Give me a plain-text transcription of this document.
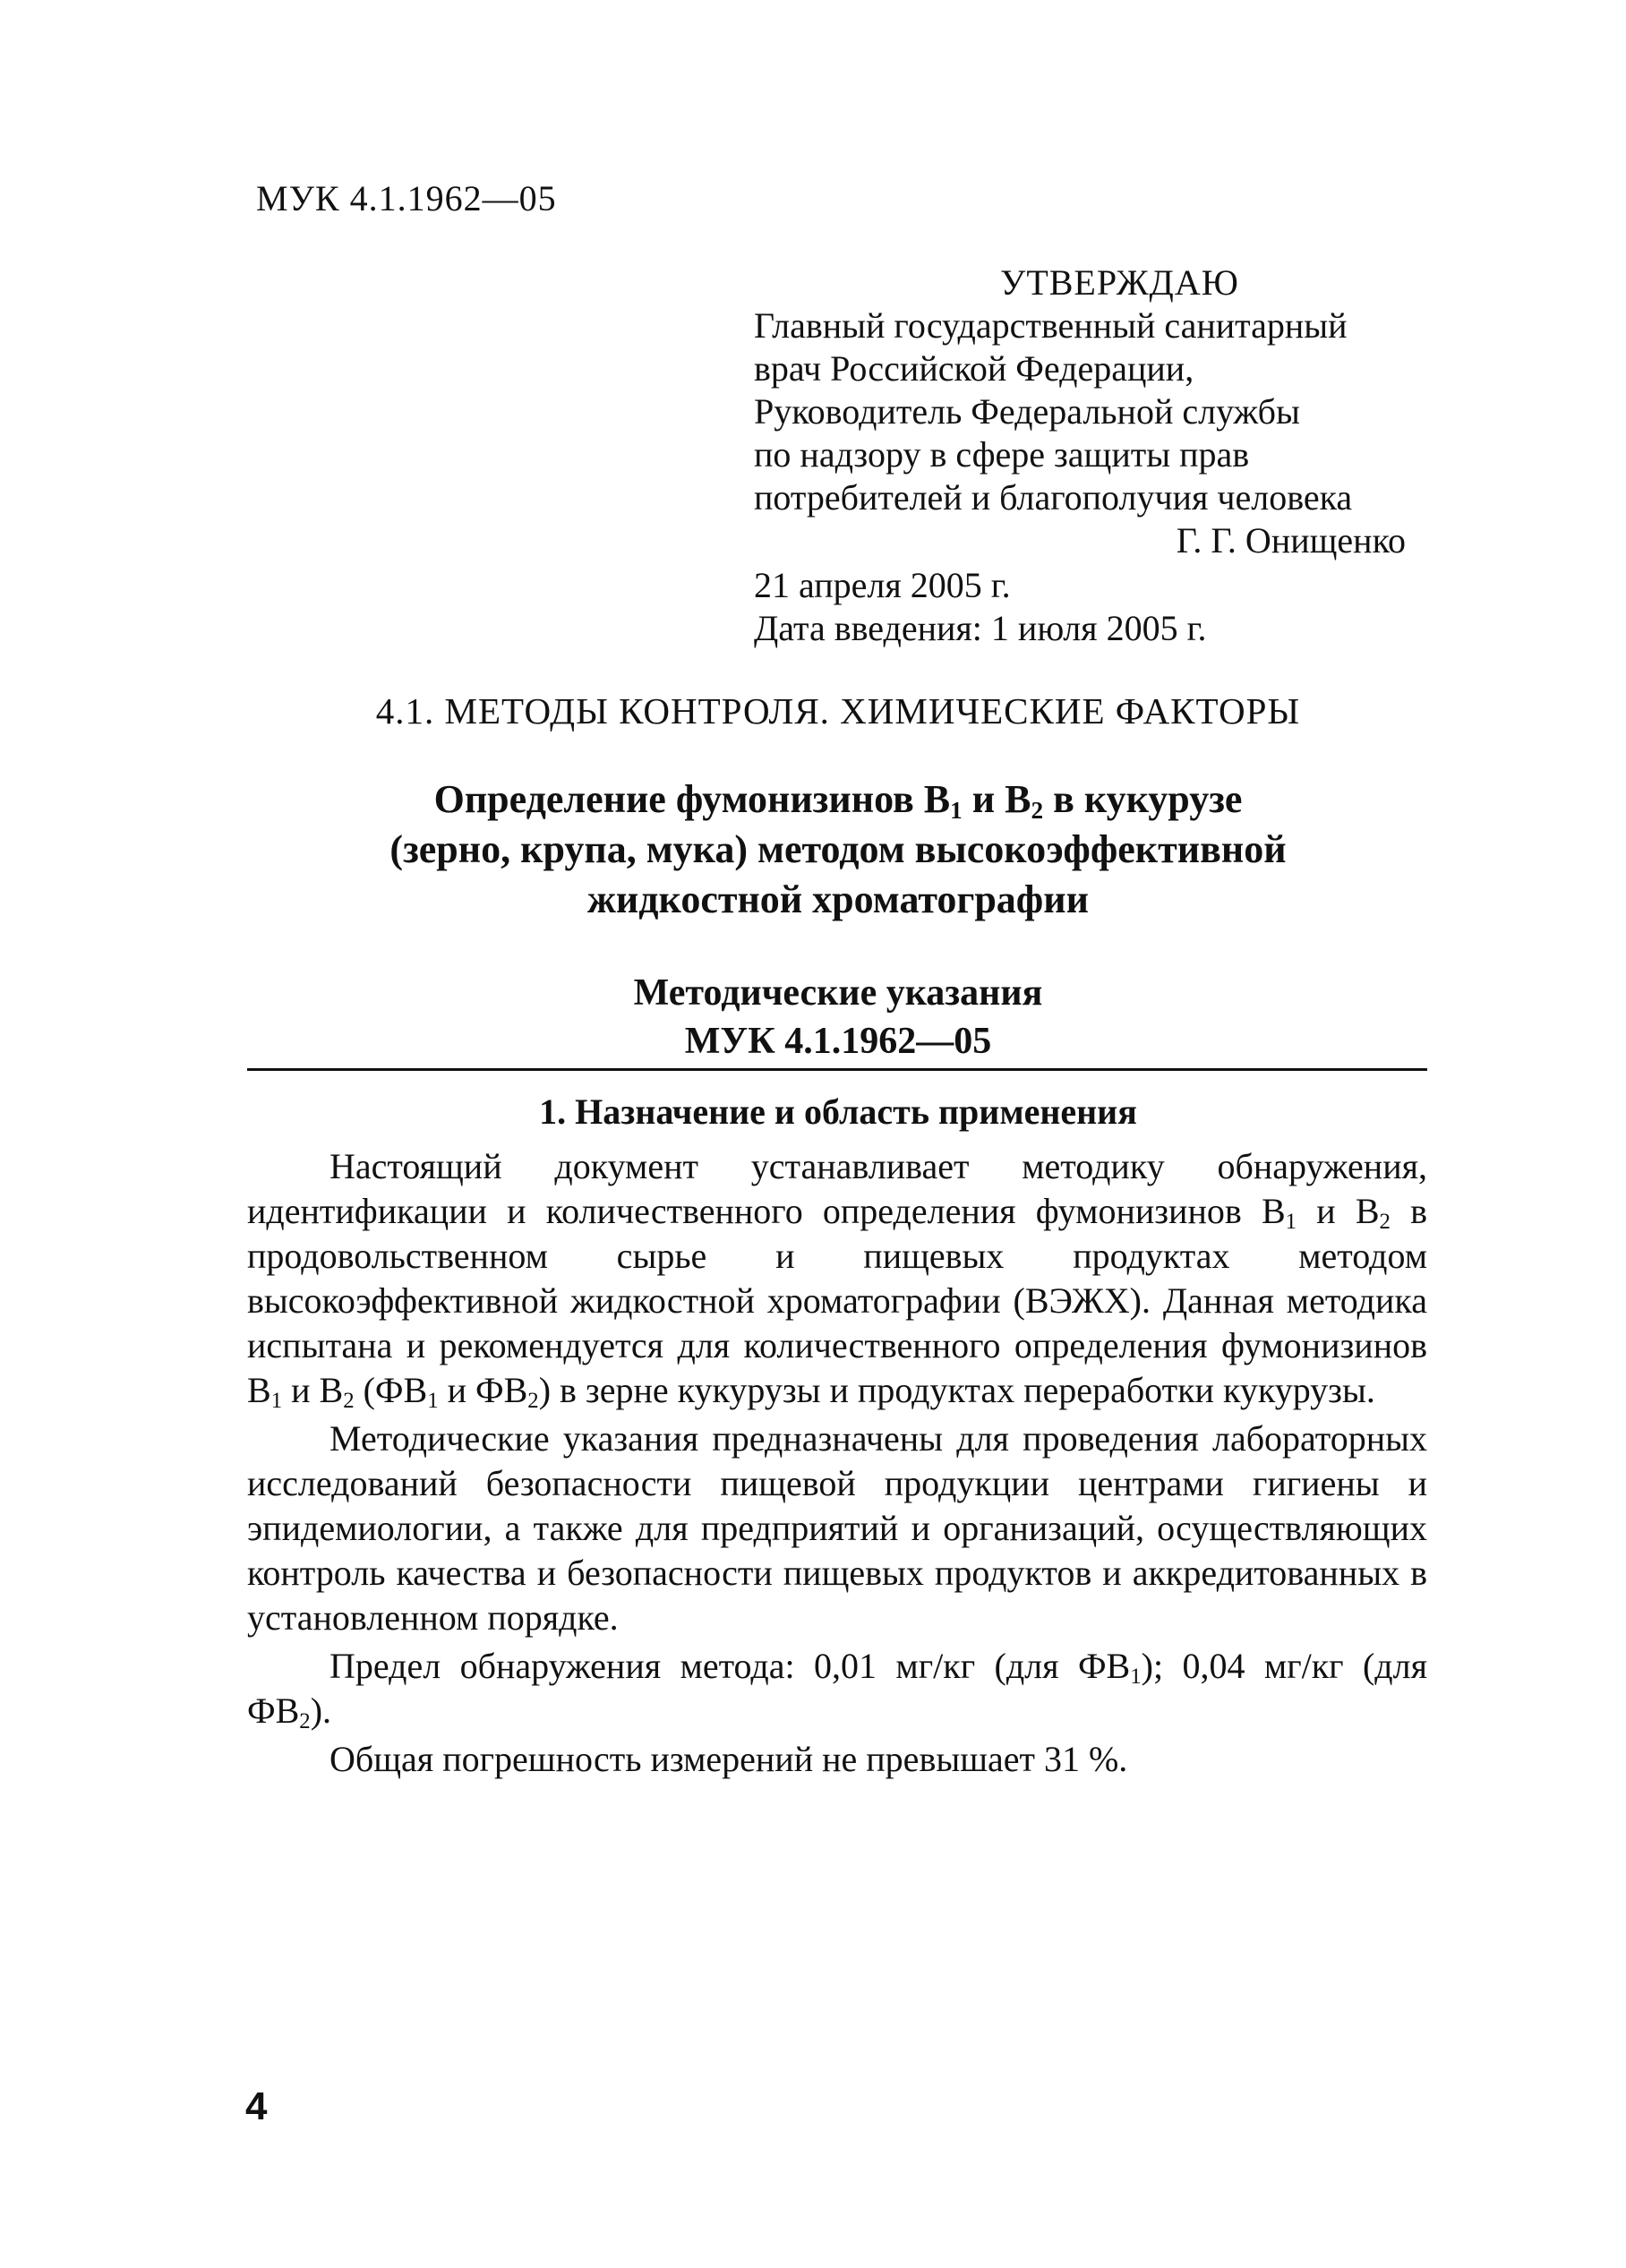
МУК 4.1.1962—05
УТВЕРЖДАЮ
Главный государственный санитарный
врач Российской Федерации,
Руководитель Федеральной службы
по надзору в сфере защиты прав
потребителей и благополучия человека
Г. Г. Онищенко
21 апреля 2005 г.
Дата введения: 1 июля 2005 г.
4.1. МЕТОДЫ КОНТРОЛЯ. ХИМИЧЕСКИЕ ФАКТОРЫ
Определение фумонизинов $B_1$ и $B_2$ в кукурузе
(зерно, крупа, мука) методом высокоэффективной
жидкостной хроматографии
Методические указания
МУК 4.1.1962—05
1. Назначение и область применения

Настоящий документ устанавливает методику обнаружения, идентификации и количественного определения фумонизинов $B_1$ и $B_2$ в продовольственном сырье и пищевых продуктах методом высокоэффективной жидкостной хроматографии (ВЭЖХ). Данная методика испытана и рекомендуется для количественного определения фумонизинов $B_1$ и $B_2$ ($ФВ_1$ и $ФВ_2$) в зерне кукурузы и продуктах переработки кукурузы.

Методические указания предназначены для проведения лабораторных исследований безопасности пищевой продукции центрами гигиены и эпидемиологии, а также для предприятий и организаций, осуществляющих контроль качества и безопасности пищевых продуктов и аккредитованных в установленном порядке.

Предел обнаружения метода: 0,01 мг/кг (для $ФВ_1$); 0,04 мг/кг (для $ФВ_2$).

Общая погрешность измерений не превышает 31 %.

4
